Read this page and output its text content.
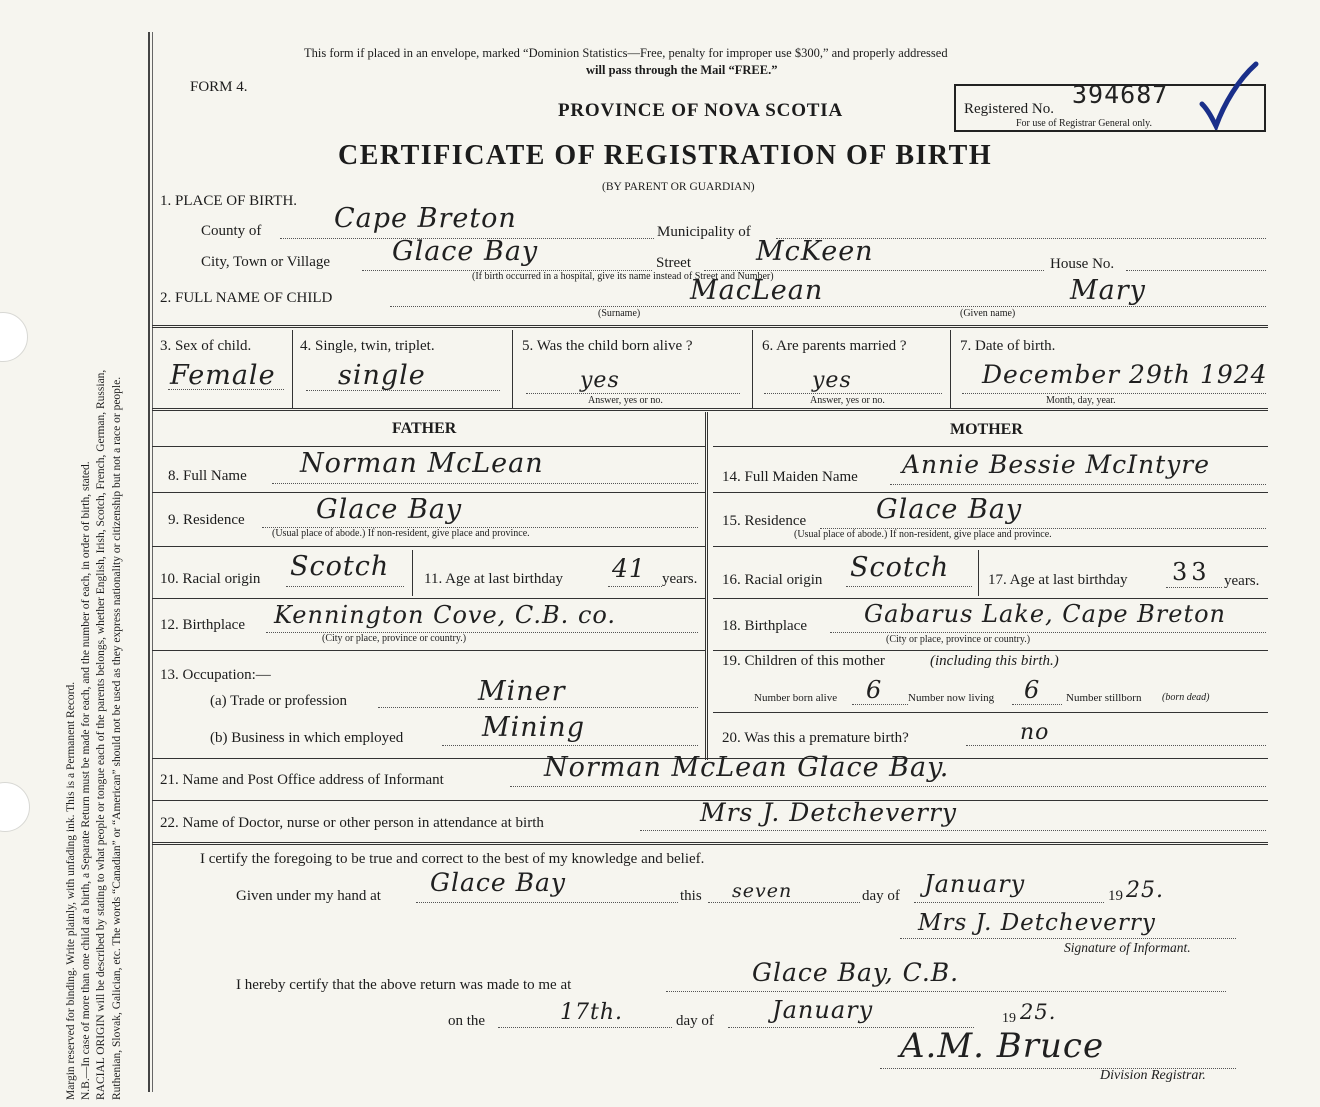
Margin reserved for binding. Write plainly, with unfading ink. This is a Permanent Record. N.B.—In case of more than one child at a birth, a Separate Return must be made for each, and the number of each, in order of birth, stated. RACIAL ORIGIN will be described by stating to what people or tongue each of the parents belongs, whether English, Irish, Scotch, French, German, Russian, Ruthenian, Slovak, Galician, etc. The words “Canadian” or “American” should not be used as they express nationality or citizenship but not a race or people.
This form if placed in an envelope, marked “Dominion Statistics—Free, penalty for improper use $300,” and properly addressed
will pass through the Mail “FREE.”
FORM 4.
PROVINCE OF NOVA SCOTIA
CERTIFICATE OF REGISTRATION OF BIRTH
(BY PARENT OR GUARDIAN)
Registered No. 394687
For use of Registrar General only.
1. PLACE OF BIRTH.
County of	Cape Breton	Municipality of
City, Town or Village Glace Bay	Street McKeen	House No.
(If birth occurred in a hospital, give its name instead of Street and Number)
2. FULL NAME OF CHILD	MacLean	Mary
(Surname)	(Given name)
3. Sex of child.
Female
4. Single, twin, triplet.
single
5. Was the child born alive ?
yes
Answer, yes or no.
6. Are parents married ?
yes
Answer, yes or no.
7. Date of birth.
December 29th 1924
Month, day, year.
FATHER	MOTHER
8. Full Name Norman McLean	14. Full Maiden Name Annie Bessie McIntyre
9. Residence	Glace Bay
(Usual place of abode.) If non-resident, give place and province.
15. Residence	Glace Bay
(Usual place of abode.) If non-resident, give place and province.
10. Racial origin Scotch 11. Age at last birthday 41 years. 16. Racial origin Scotch	17. Age at last birthday 33 years.
12. Birthplace Kennington Cove, C.B. co.
(City or place, province or country.)
18. Birthplace Gabarus Lake, Cape Breton
(City or place, province or country.)
13. Occupation:—
(a) Trade or profession	Miner
19. Children of this mother	(including this birth.)
Number born alive 6 Number now living 6 Number stillborn (born dead)
(b) Business in which employed	Mining	20. Was this a premature birth?	no
21. Name and Post Office address of Informant	Norman McLean Glace Bay.
22. Name of Doctor, nurse or other person in attendance at birth	Mrs J. Detcheverry
I certify the foregoing to be true and correct to the best of my knowledge and belief.
Given under my hand at Glace Bay	this seven	day of January	19 25.
Mrs J. Detcheverry
Signature of Informant.
I hereby certify that the above return was made to me at	Glace Bay, C.B.
on the	17th.	day of January	19 25.
A.M. Bruce
Division Registrar.
